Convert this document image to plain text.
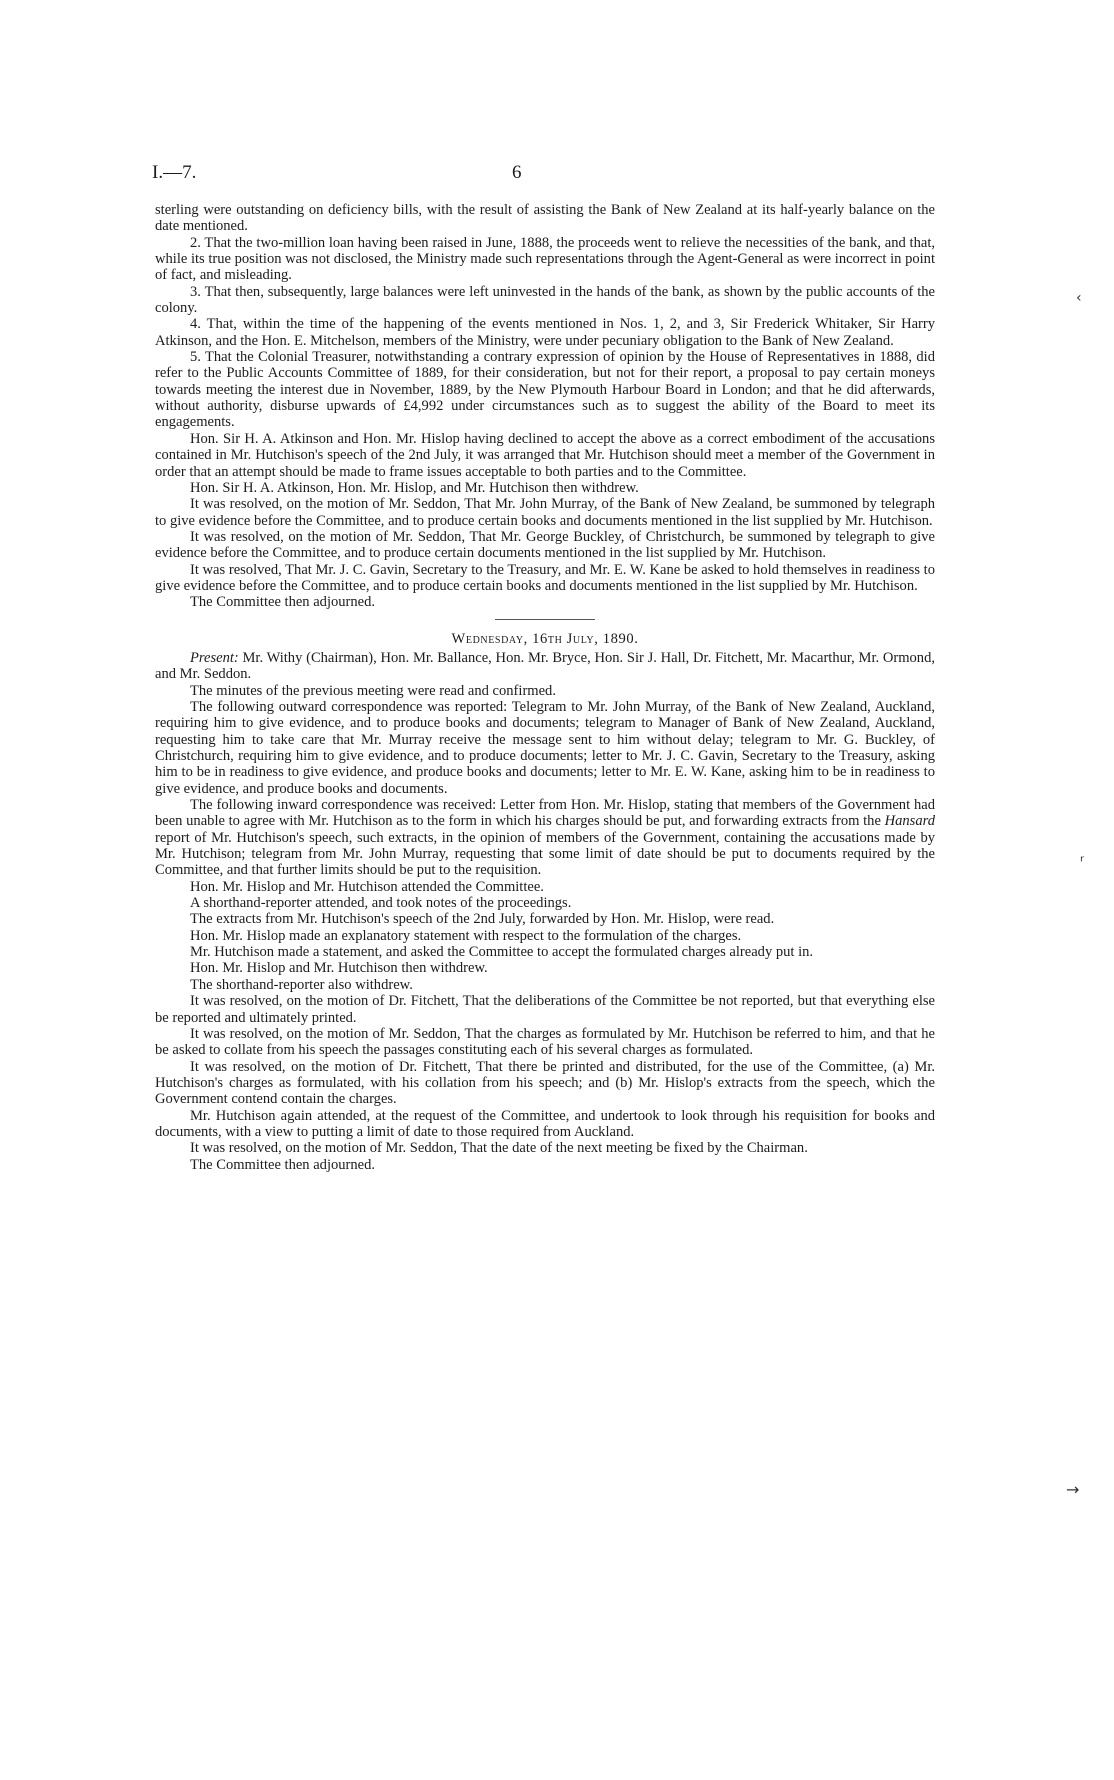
I.—7.	6
‹
ʳ
→

sterling were outstanding on deficiency bills, with the result of assisting the Bank of New Zealand at its half-yearly balance on the date mentioned.

2. That the two-million loan having been raised in June, 1888, the proceeds went to relieve the necessities of the bank, and that, while its true position was not disclosed, the Ministry made such representations through the Agent-General as were incorrect in point of fact, and misleading.

3. That then, subsequently, large balances were left uninvested in the hands of the bank, as shown by the public accounts of the colony.

4. That, within the time of the happening of the events mentioned in Nos. 1, 2, and 3, Sir Frederick Whitaker, Sir Harry Atkinson, and the Hon. E. Mitchelson, members of the Ministry, were under pecuniary obligation to the Bank of New Zealand.

5. That the Colonial Treasurer, notwithstanding a contrary expression of opinion by the House of Representatives in 1888, did refer to the Public Accounts Committee of 1889, for their consideration, but not for their report, a proposal to pay certain moneys towards meeting the interest due in November, 1889, by the New Plymouth Harbour Board in London; and that he did afterwards, without authority, disburse upwards of £4,992 under circumstances such as to suggest the ability of the Board to meet its engagements.

Hon. Sir H. A. Atkinson and Hon. Mr. Hislop having declined to accept the above as a correct embodiment of the accusations contained in Mr. Hutchison's speech of the 2nd July, it was arranged that Mr. Hutchison should meet a member of the Government in order that an attempt should be made to frame issues acceptable to both parties and to the Committee.

Hon. Sir H. A. Atkinson, Hon. Mr. Hislop, and Mr. Hutchison then withdrew.

It was resolved, on the motion of Mr. Seddon, That Mr. John Murray, of the Bank of New Zealand, be summoned by telegraph to give evidence before the Committee, and to produce certain books and documents mentioned in the list supplied by Mr. Hutchison.

It was resolved, on the motion of Mr. Seddon, That Mr. George Buckley, of Christchurch, be summoned by telegraph to give evidence before the Committee, and to produce certain documents mentioned in the list supplied by Mr. Hutchison.

It was resolved, That Mr. J. C. Gavin, Secretary to the Treasury, and Mr. E. W. Kane be asked to hold themselves in readiness to give evidence before the Committee, and to produce certain books and documents mentioned in the list supplied by Mr. Hutchison.

The Committee then adjourned.

Wednesday, 16th July, 1890.

Present: Mr. Withy (Chairman), Hon. Mr. Ballance, Hon. Mr. Bryce, Hon. Sir J. Hall, Dr. Fitchett, Mr. Macarthur, Mr. Ormond, and Mr. Seddon.

The minutes of the previous meeting were read and confirmed.

The following outward correspondence was reported: Telegram to Mr. John Murray, of the Bank of New Zealand, Auckland, requiring him to give evidence, and to produce books and documents; telegram to Manager of Bank of New Zealand, Auckland, requesting him to take care that Mr. Murray receive the message sent to him without delay; telegram to Mr. G. Buckley, of Christchurch, requiring him to give evidence, and to produce documents; letter to Mr. J. C. Gavin, Secretary to the Treasury, asking him to be in readiness to give evidence, and produce books and documents; letter to Mr. E. W. Kane, asking him to be in readiness to give evidence, and produce books and documents.

The following inward correspondence was received: Letter from Hon. Mr. Hislop, stating that members of the Government had been unable to agree with Mr. Hutchison as to the form in which his charges should be put, and forwarding extracts from the Hansard report of Mr. Hutchison's speech, such extracts, in the opinion of members of the Government, containing the accusations made by Mr. Hutchison; telegram from Mr. John Murray, requesting that some limit of date should be put to documents required by the Committee, and that further limits should be put to the requisition.

Hon. Mr. Hislop and Mr. Hutchison attended the Committee.

A shorthand-reporter attended, and took notes of the proceedings.

The extracts from Mr. Hutchison's speech of the 2nd July, forwarded by Hon. Mr. Hislop, were read.

Hon. Mr. Hislop made an explanatory statement with respect to the formulation of the charges.

Mr. Hutchison made a statement, and asked the Committee to accept the formulated charges already put in.

Hon. Mr. Hislop and Mr. Hutchison then withdrew.

The shorthand-reporter also withdrew.

It was resolved, on the motion of Dr. Fitchett, That the deliberations of the Committee be not reported, but that everything else be reported and ultimately printed.

It was resolved, on the motion of Mr. Seddon, That the charges as formulated by Mr. Hutchison be referred to him, and that he be asked to collate from his speech the passages constituting each of his several charges as formulated.

It was resolved, on the motion of Dr. Fitchett, That there be printed and distributed, for the use of the Committee, (a) Mr. Hutchison's charges as formulated, with his collation from his speech; and (b) Mr. Hislop's extracts from the speech, which the Government contend contain the charges.

Mr. Hutchison again attended, at the request of the Committee, and undertook to look through his requisition for books and documents, with a view to putting a limit of date to those required from Auckland.

It was resolved, on the motion of Mr. Seddon, That the date of the next meeting be fixed by the Chairman.

The Committee then adjourned.
